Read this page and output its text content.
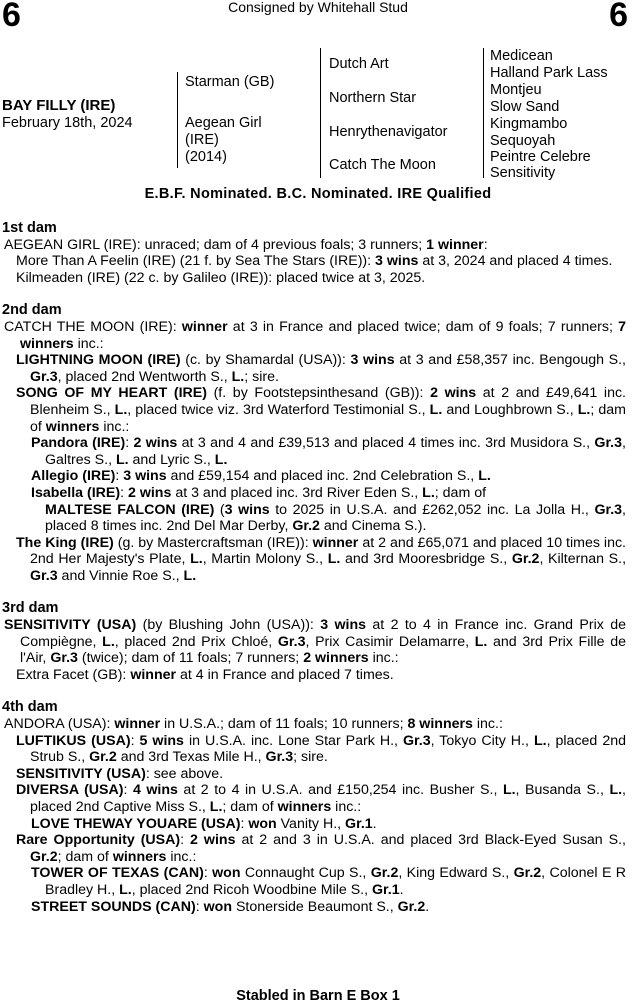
6	6
Consigned by Whitehall Stud
BAY FILLY (IRE)
February 18th, 2024
Starman (GB)
Aegean Girl
(IRE)
(2014)
Dutch Art
Northern Star
Henrythenavigator
Catch The Moon
Medicean
Halland Park Lass
Montjeu
Slow Sand
Kingmambo
Sequoyah
Peintre Celebre
Sensitivity
E.B.F. Nominated. B.C. Nominated. IRE Qualified
1st dam

AEGEAN GIRL (IRE): unraced; dam of 4 previous foals; 3 runners; 1 winner:

More Than A Feelin (IRE) (21 f. by Sea The Stars (IRE)): 3 wins at 3, 2024 and placed 4 times.

Kilmeaden (IRE) (22 c. by Galileo (IRE)): placed twice at 3, 2025.

2nd dam

CATCH THE MOON (IRE): winner at 3 in France and placed twice; dam of 9 foals; 7 runners; 7 winners inc.:

LIGHTNING MOON (IRE) (c. by Shamardal (USA)): 3 wins at 3 and £58,357 inc. Bengough S., Gr.3, placed 2nd Wentworth S., L.; sire.

SONG OF MY HEART (IRE) (f. by Footstepsinthesand (GB)): 2 wins at 2 and £49,641 inc. Blenheim S., L., placed twice viz. 3rd Waterford Testimonial S., L. and Loughbrown S., L.; dam of winners inc.:

Pandora (IRE): 2 wins at 3 and 4 and £39,513 and placed 4 times inc. 3rd Musidora S., Gr.3, Galtres S., L. and Lyric S., L.

Allegio (IRE): 3 wins and £59,154 and placed inc. 2nd Celebration S., L.

Isabella (IRE): 2 wins at 3 and placed inc. 3rd River Eden S., L.; dam of

MALTESE FALCON (IRE) (3 wins to 2025 in U.S.A. and £262,052 inc. La Jolla H., Gr.3, placed 8 times inc. 2nd Del Mar Derby, Gr.2 and Cinema S.).

The King (IRE) (g. by Mastercraftsman (IRE)): winner at 2 and £65,071 and placed 10 times inc. 2nd Her Majesty's Plate, L., Martin Molony S., L. and 3rd Mooresbridge S., Gr.2, Kilternan S., Gr.3 and Vinnie Roe S., L.

3rd dam

SENSITIVITY (USA) (by Blushing John (USA)): 3 wins at 2 to 4 in France inc. Grand Prix de Compiègne, L., placed 2nd Prix Chloé, Gr.3, Prix Casimir Delamarre, L. and 3rd Prix Fille de l'Air, Gr.3 (twice); dam of 11 foals; 7 runners; 2 winners inc.:

Extra Facet (GB): winner at 4 in France and placed 7 times.

4th dam

ANDORA (USA): winner in U.S.A.; dam of 11 foals; 10 runners; 8 winners inc.:

LUFTIKUS (USA): 5 wins in U.S.A. inc. Lone Star Park H., Gr.3, Tokyo City H., L., placed 2nd Strub S., Gr.2 and 3rd Texas Mile H., Gr.3; sire.

SENSITIVITY (USA): see above.

DIVERSA (USA): 4 wins at 2 to 4 in U.S.A. and £150,254 inc. Busher S., L., Busanda S., L., placed 2nd Captive Miss S., L.; dam of winners inc.:

LOVE THEWAY YOUARE (USA): won Vanity H., Gr.1.

Rare Opportunity (USA): 2 wins at 2 and 3 in U.S.A. and placed 3rd Black-Eyed Susan S., Gr.2; dam of winners inc.:

TOWER OF TEXAS (CAN): won Connaught Cup S., Gr.2, King Edward S., Gr.2, Colonel E R Bradley H., L., placed 2nd Ricoh Woodbine Mile S., Gr.1.

STREET SOUNDS (CAN): won Stonerside Beaumont S., Gr.2.

Stabled in Barn E Box 1
